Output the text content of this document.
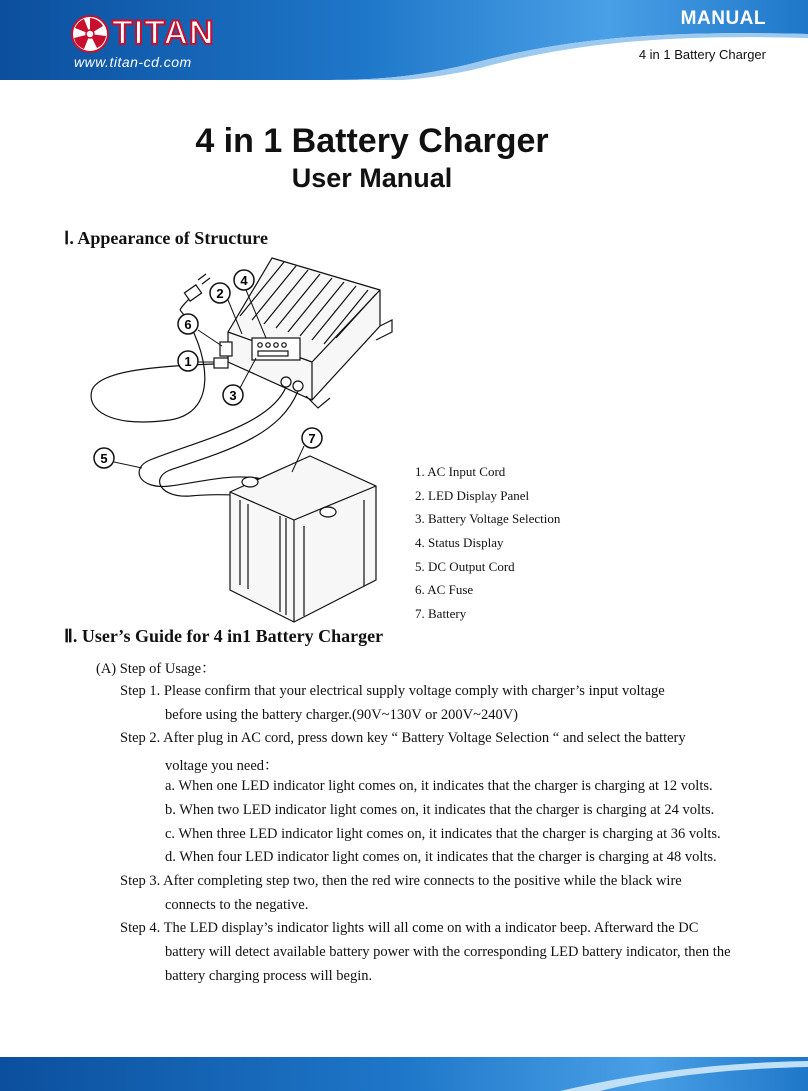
TITAN
www.titan-cd.com
MANUAL
4 in 1 Battery Charger
4 in 1 Battery Charger
User Manual
Ⅰ. Appearance of Structure
1
2
3
4
5
6
7
1. AC Input Cord
2. LED Display Panel
3. Battery Voltage Selection
4. Status Display
5. DC Output Cord
6. AC Fuse
7. Battery
Ⅱ. User’s Guide for 4 in1 Battery Charger
(A) Step of Usage：
Step 1. Please confirm that your electrical supply voltage comply with charger’s input voltage
before using the battery charger.(90V~130V or 200V~240V)
Step 2. After plug in AC cord, press down key “ Battery Voltage Selection “ and select the battery
voltage you need：
a. When one LED indicator light comes on, it indicates that the charger is charging at 12 volts.
b. When two LED indicator light comes on, it indicates that the charger is charging at 24 volts.
c. When three LED indicator light comes on, it indicates that the charger is charging at 36 volts.
d. When four LED indicator light comes on, it indicates that the charger is charging at 48 volts.
Step 3. After completing step two, then the red wire connects to the positive while the black wire
connects to the negative.
Step 4. The LED display’s indicator lights will all come on with a indicator beep. Afterward the DC
battery will detect available battery power with the corresponding LED battery indicator, then the
battery charging process will begin.
